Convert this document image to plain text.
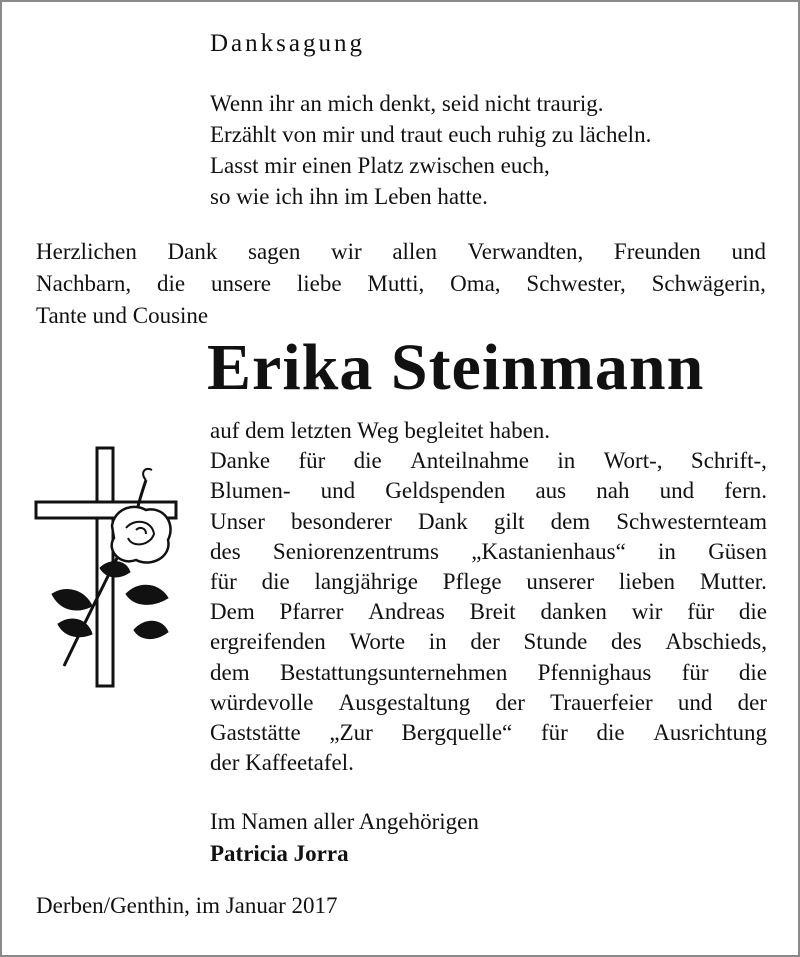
Danksagung
Wenn ihr an mich denkt, seid nicht traurig.
Erzählt von mir und traut euch ruhig zu lächeln.
Lasst mir einen Platz zwischen euch,
so wie ich ihn im Leben hatte.
Herzlichen Dank sagen wir allen Verwandten, Freunden und
Nachbarn, die unsere liebe Mutti, Oma, Schwester, Schwägerin,
Tante und Cousine
Erika Steinmann
auf dem letzten Weg begleitet haben.
Danke für die Anteilnahme in Wort-, Schrift-,
Blumen- und Geldspenden aus nah und fern.
Unser besonderer Dank gilt dem Schwesternteam
des Seniorenzentrums „Kastanienhaus“ in Güsen
für die langjährige Pflege unserer lieben Mutter.
Dem Pfarrer Andreas Breit danken wir für die
ergreifenden Worte in der Stunde des Abschieds,
dem Bestattungsunternehmen Pfennighaus für die
würdevolle Ausgestaltung der Trauerfeier und der
Gaststätte „Zur Bergquelle“ für die Ausrichtung
der Kaffeetafel.
Im Namen aller Angehörigen
Patricia Jorra
Derben/Genthin, im Januar 2017
